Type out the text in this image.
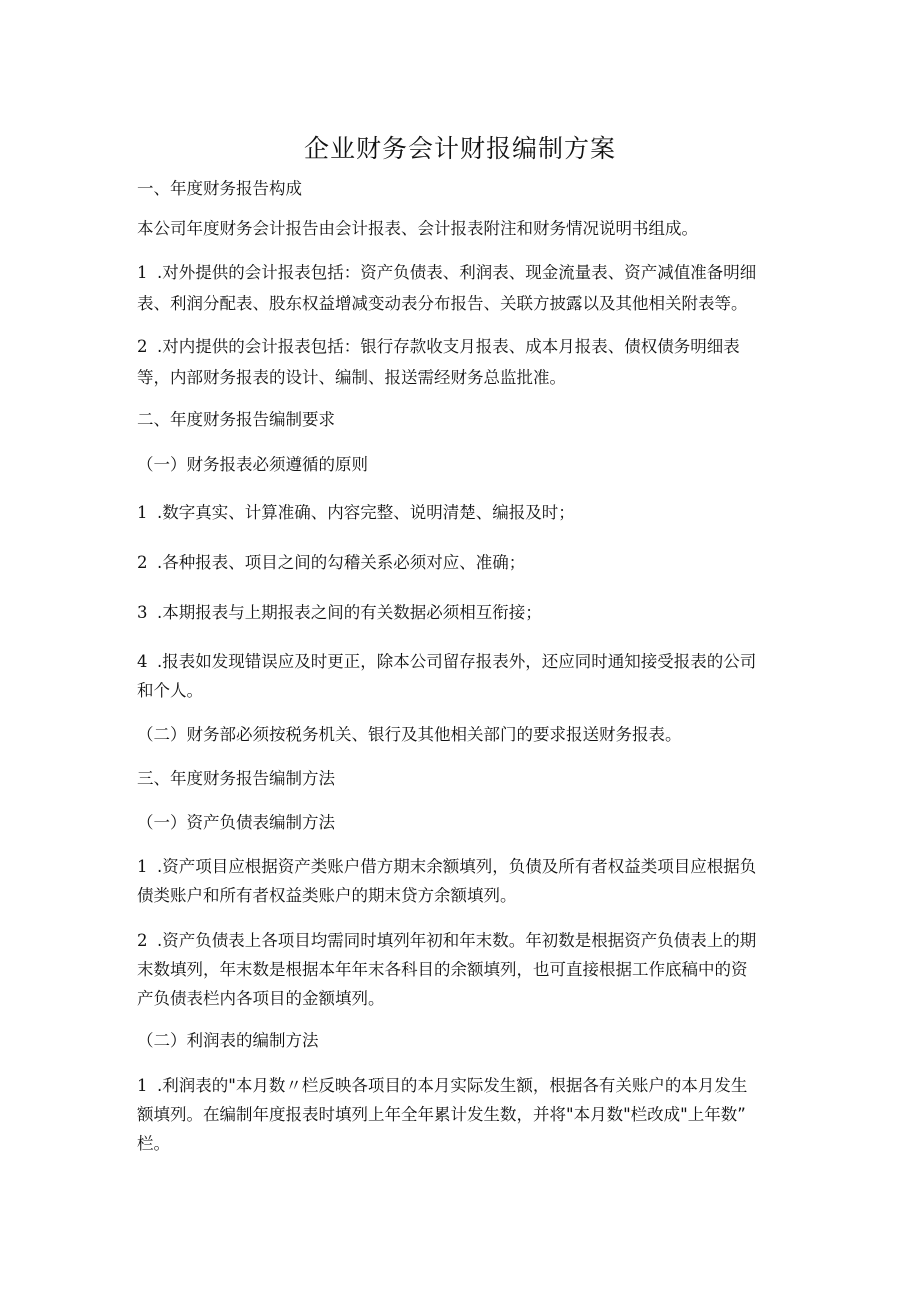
企业财务会计财报编制方案

一、年度财务报告构成

本公司年度财务会计报告由会计报表、会计报表附注和财务情况说明书组成。

1 .对外提供的会计报表包括：资产负债表、利润表、现金流量表、资产减值准备明细

表、利润分配表、股东权益增减变动表分布报告、关联方披露以及其他相关附表等。

2 .对内提供的会计报表包括：银行存款收支月报表、成本月报表、债权债务明细表

等，内部财务报表的设计、编制、报送需经财务总监批准。

二、年度财务报告编制要求

（一）财务报表必须遵循的原则

1 .数字真实、计算准确、内容完整、说明清楚、编报及时；

2 .各种报表、项目之间的勾稽关系必须对应、准确；

3 .本期报表与上期报表之间的有关数据必须相互衔接；

4 .报表如发现错误应及时更正，除本公司留存报表外，还应同时通知接受报表的公司

和个人。

（二）财务部必须按税务机关、银行及其他相关部门的要求报送财务报表。

三、年度财务报告编制方法

（一）资产负债表编制方法

1 .资产项目应根据资产类账户借方期末余额填列，负债及所有者权益类项目应根据负

债类账户和所有者权益类账户的期末贷方余额填列。

2 .资产负债表上各项目均需同时填列年初和年末数。年初数是根据资产负债表上的期

末数填列，年末数是根据本年年末各科目的余额填列，也可直接根据工作底稿中的资

产负债表栏内各项目的金额填列。

（二）利润表的编制方法

1 .利润表的"本月数〃栏反映各项目的本月实际发生额，根据各有关账户的本月发生

额填列。在编制年度报表时填列上年全年累计发生数，并将"本月数"栏改成"上年数”

栏。
